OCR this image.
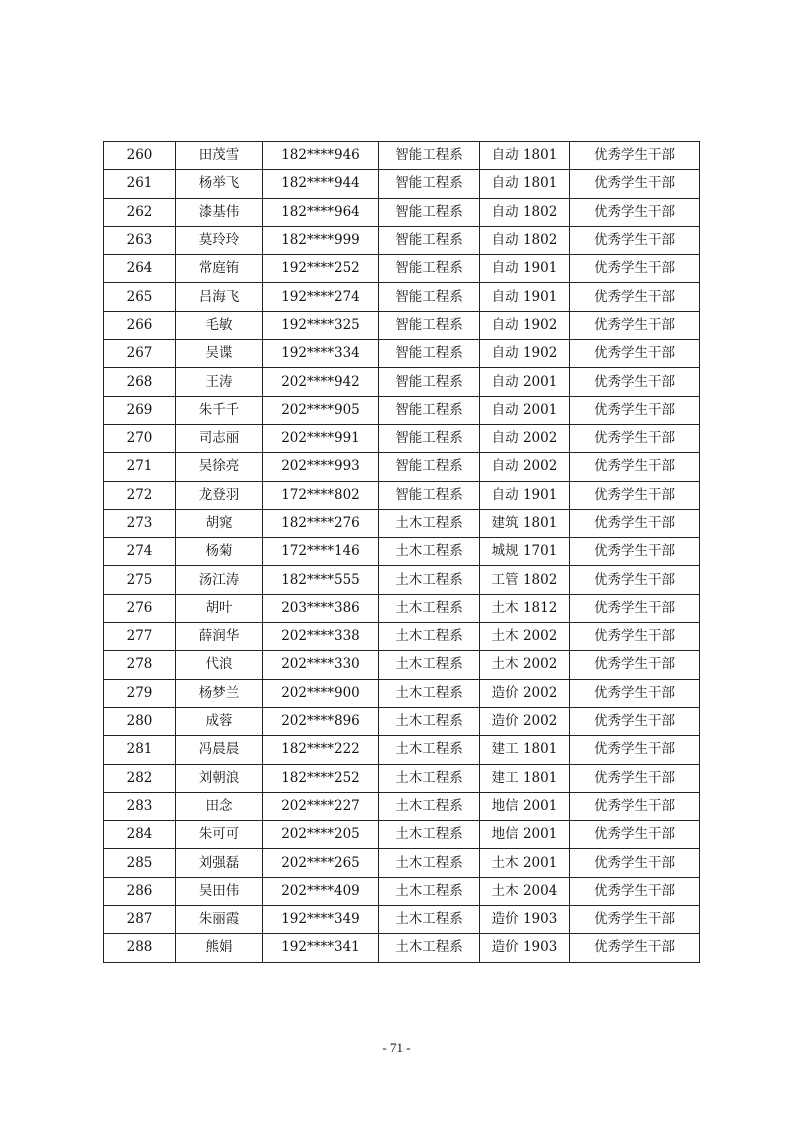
260	田茂雪	182****946	智能工程系	自动 1801	优秀学生干部
261	杨举飞	182****944	智能工程系	自动 1801	优秀学生干部
262	漆基伟	182****964	智能工程系	自动 1802	优秀学生干部
263	莫玲玲	182****999	智能工程系	自动 1802	优秀学生干部
264	常庭铕	192****252	智能工程系	自动 1901	优秀学生干部
265	吕海飞	192****274	智能工程系	自动 1901	优秀学生干部
266	毛敏	192****325	智能工程系	自动 1902	优秀学生干部
267	吴谍	192****334	智能工程系	自动 1902	优秀学生干部
268	王涛	202****942	智能工程系	自动 2001	优秀学生干部
269	朱千千	202****905	智能工程系	自动 2001	优秀学生干部
270	司志丽	202****991	智能工程系	自动 2002	优秀学生干部
271	吴徐亮	202****993	智能工程系	自动 2002	优秀学生干部
272	龙登羽	172****802	智能工程系	自动 1901	优秀学生干部
273	胡窕	182****276	土木工程系	建筑 1801	优秀学生干部
274	杨菊	172****146	土木工程系	城规 1701	优秀学生干部
275	汤江涛	182****555	土木工程系	工管 1802	优秀学生干部
276	胡叶	203****386	土木工程系	土木 1812	优秀学生干部
277	薛润华	202****338	土木工程系	土木 2002	优秀学生干部
278	代浪	202****330	土木工程系	土木 2002	优秀学生干部
279	杨梦兰	202****900	土木工程系	造价 2002	优秀学生干部
280	成蓉	202****896	土木工程系	造价 2002	优秀学生干部
281	冯晨晨	182****222	土木工程系	建工 1801	优秀学生干部
282	刘朝浪	182****252	土木工程系	建工 1801	优秀学生干部
283	田念	202****227	土木工程系	地信 2001	优秀学生干部
284	朱可可	202****205	土木工程系	地信 2001	优秀学生干部
285	刘强磊	202****265	土木工程系	土木 2001	优秀学生干部
286	吴田伟	202****409	土木工程系	土木 2004	优秀学生干部
287	朱丽霞	192****349	土木工程系	造价 1903	优秀学生干部
288	熊娟	192****341	土木工程系	造价 1903	优秀学生干部
- 71 -
